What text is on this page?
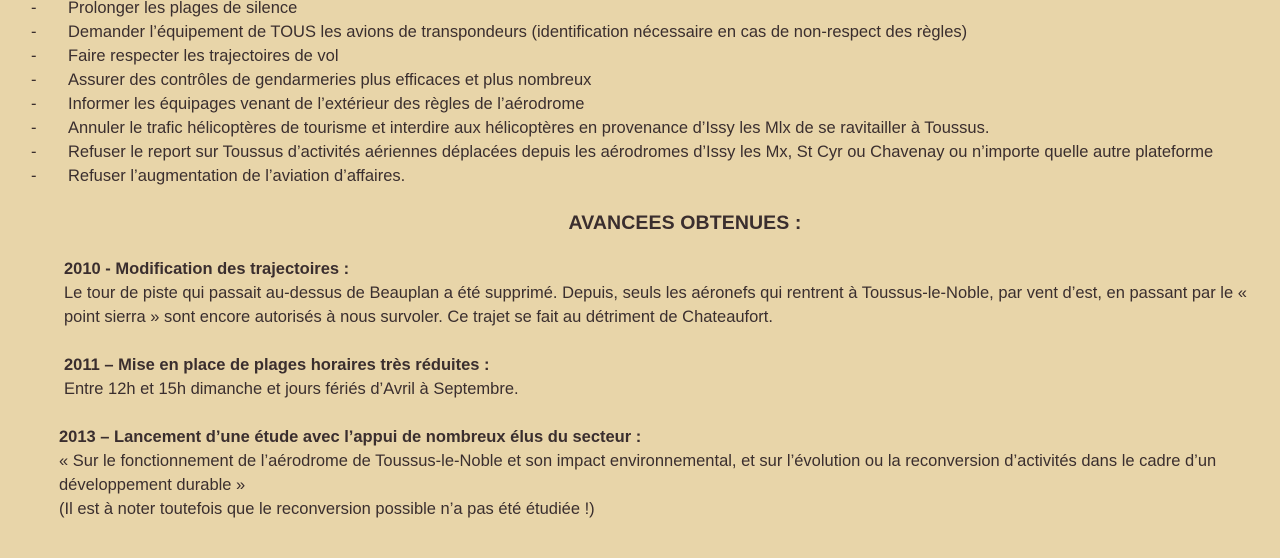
- Prolonger les plages de silence
- Demander l’équipement de TOUS les avions de transpondeurs (identification nécessaire en cas de non-respect des règles)
- Faire respecter les trajectoires de vol
- Assurer des contrôles de gendarmeries plus efficaces et plus nombreux
- Informer les équipages venant de l’extérieur des règles de l’aérodrome
- Annuler le trafic hélicoptères de tourisme et interdire aux hélicoptères en provenance d’Issy les Mlx de se ravitailler à Toussus.
- Refuser le report sur Toussus d’activités aériennes déplacées depuis les aérodromes d’Issy les Mx, St Cyr ou Chavenay ou n’importe quelle autre plateforme
- Refuser l’augmentation de l’aviation d’affaires.
AVANCEES OBTENUES :
2010 - Modification des trajectoires :
Le tour de piste qui passait au-dessus de Beauplan a été supprimé. Depuis, seuls les aéronefs qui rentrent à Toussus-le-Noble, par vent d’est, en passant par le « point sierra » sont encore autorisés à nous survoler. Ce trajet se fait au détriment de Chateaufort.
2011 – Mise en place de plages horaires très réduites :
Entre 12h et 15h dimanche et jours fériés d’Avril à Septembre.
2013 – Lancement d’une étude avec l’appui de nombreux élus du secteur :
« Sur le fonctionnement de l’aérodrome de Toussus-le-Noble et son impact environnemental, et sur l’évolution ou la reconversion d’activités dans le cadre d’un développement durable »
(Il est à noter toutefois que le reconversion possible n’a pas été étudiée !)
